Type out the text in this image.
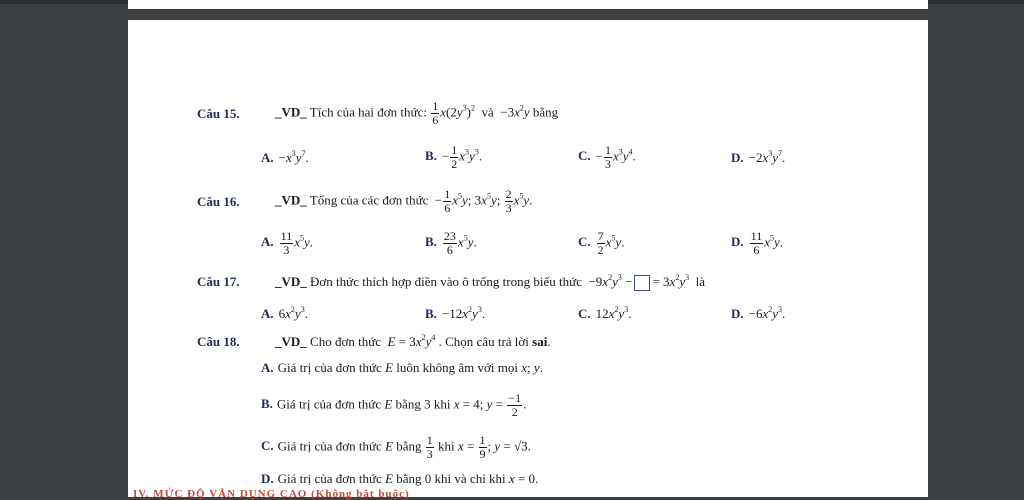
Câu 15.	_VD_ Tích của hai đơn thức: $\frac{1}{6} x(2y^3)^2$ và  $-3x^2y$ bằng
A. $-x^3y^7$.	B. − $\frac{1}{2} x^3y^3$.	C. − $\frac{1}{3} x^3y^4$.	D. $-2x^3y^7$.
Câu 16.	_VD_ Tổng của các đơn thức  − $\frac{1}{6} x^5y$; $3x^5y$; $\frac{2}{3} x^5y$.
A. $\frac{11}{3} x^5y$.	B. $\frac{23}{6} x^5y$.	C. $\frac{7}{2} x^5y$.	D. $\frac{11}{6} x^5y$.
Câu 17.	_VD_ Đơn thức thích hợp điền vào ô trống trong biểu thức  $-9x^2y^3$ − = $3x^2y^3$ là
A. $6x^2y^3$.	B. $-12x^2y^3$.	C. $12x^2y^3$.	D. $-6x^2y^3$.
Câu 18.	_VD_ Cho đơn thức $E = 3x^2y^4$ . Chọn câu trả lời sai.
A. Giá trị của đơn thức E luôn không âm với mọi x; y.
B. Giá trị của đơn thức E bằng 3 khi x = 4; $y = \frac{-1}{2}$ .
C. Giá trị của đơn thức E bằng $\frac{1}{3}$ khi $x = \frac{1}{9}$ ; y = √3.
D. Giá trị của đơn thức E bằng 0 khi và chỉ khi x = 0.
IV. MỨC ĐỘ VẬN DỤNG CAO (Không bắt buộc)
